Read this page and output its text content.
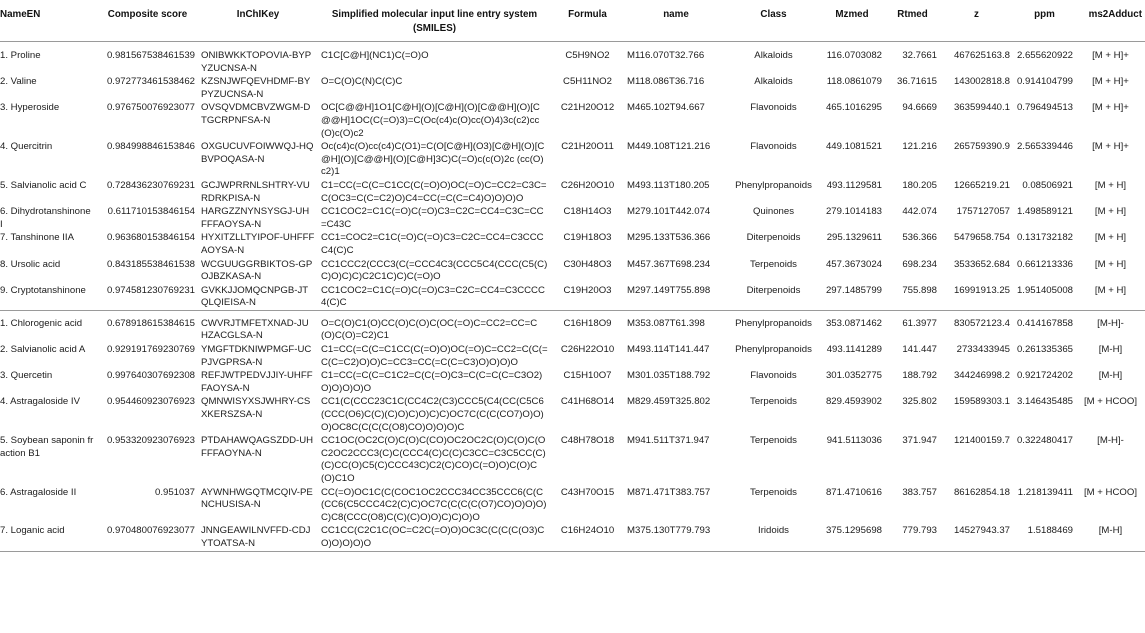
NameEN	Composite score	InChIKey	Simplified molecular input line entry system (SMILES)	Formula	name	Class	Mzmed	Rtmed	z	ppm	ms2Adduct
1. Proline	0.981567538461539	ONIBWKKTOPOVIA-BYPYZUCNSA-N	C1C[C@H](NC1)C(=O)O	C5H9NO2	M116.070T32.766	Alkaloids	116.0703082	32.7661	467625163.8	2.655620922	[M + H]+
2. Valine	0.972773461538462	KZSNJWFQEVHDMF-BYPYZUCNSA-N	O=C(O)C(N)C(C)C	C5H11NO2	M118.086T36.716	Alkaloids	118.0861079	36.71615	143002818.8	0.914104799	[M + H]+
3. Hyperoside	0.976750076923077	OVSQVDMCBVZWGM-DTGCRPNFSA-N	OC[C@@H]1O1[C@H](O)[C@H](O)[C@@H](O)[C@@H]1OC(C(=O)3)=C(Oc(c4)c(O)cc(O)4)3c(c2)cc(O)c(O)c2	C21H20O12	M465.102T94.667	Flavonoids	465.1016295	94.6669	363599440.1	0.796494513	[M + H]+
4. Quercitrin	0.984998846153846	OXGUCUVFOIWWQJ-HQBVPOQASA-N	Oc(c4)c(O)cc(c4)C(O1)=C(O[C@H](O3)[C@H](O)[C@H](O)[C@@H](O)[C@H]3C)C(=O)c(c(O)2c (cc(O)c2)1	C21H20O11	M449.108T121.216	Flavonoids	449.1081521	121.216	265759390.9	2.565339446	[M + H]+
5. Salvianolic acid C	0.728436230769231	GCJWPRRNLSHTRY-VURDRKPISA-N	C1=CC(=C(C=C1CC(C(=O)O)OC(=O)C=CC2=C3C=C(OC3=C(C=C2)O)C4=CC(=C(C=C4)O)O)O)O	C26H20O10	M493.113T180.205	Phenylpropanoids	493.1129581	180.205	12665219.21	0.08506921	[M + H]
6. Dihydrotanshinone I	0.611710153846154	HARGZZNYNSYSGJ-UHFFFAOYSA-N	CC1COC2=C1C(=O)C(=O)C3=C2C=CC4=C3C=CC=C43C	C18H14O3	M279.101T442.074	Quinones	279.1014183	442.074	1757127057	1.498589121	[M + H]
7. Tanshinone IIA	0.963680153846154	HYXITZLLTYIPOF-UHFFFAOYSA-N	CC1=COC2=C1C(=O)C(=O)C3=C2C=CC4=C3CCCC4(C)C	C19H18O3	M295.133T536.366	Diterpenoids	295.1329611	536.366	5479658.754	0.131732182	[M + H]
8. Ursolic acid	0.843185538461538	WCGUUGGRBIKTOS-GPOJBZKASA-N	CC1CCC2(CCC3(C(=CCC4C3(CCC5C4(CCC(C5(C)C)O)C)C)C2C1C)C)C(=O)O	C30H48O3	M457.367T698.234	Terpenoids	457.3673024	698.234	3533652.684	0.661213336	[M + H]
9. Cryptotanshinone	0.974581230769231	GVKKJJOMQCNPGB-JTQLQIEISA-N	CC1COC2=C1C(=O)C(=O)C3=C2C=CC4=C3CCCC4(C)C	C19H20O3	M297.149T755.898	Diterpenoids	297.1485799	755.898	16991913.25	1.951405008	[M + H]
1. Chlorogenic acid	0.678918615384615	CWVRJTMFETXNAD-JUHZACGLSA-N	O=C(O)C1(O)CC(O)C(O)C(OC(=O)C=CC2=CC=C(O)C(O)=C2)C1	C16H18O9	M353.087T61.398	Phenylpropanoids	353.0871462	61.3977	830572123.4	0.414167858	[M-H]-
2. Salvianolic acid A	0.929191769230769	YMGFTDKNIWPMGF-UCPJVGPRSA-N	C1=CC(=C(C=C1CC(C(=O)O)OC(=O)C=CC2=C(C(=C(C=C2)O)O)C=CC3=CC(=C(C=C3)O)O)O)O	C26H22O10	M493.114T141.447	Phenylpropanoids	493.1141289	141.447	2733433945	0.261335365	[M-H]
3. Quercetin	0.997640307692308	REFJWTPEDVJJIY-UHFFFAOYSA-N	C1=CC(=C(C=C1C2=C(C(=O)C3=C(C=C(C=C3O2)O)O)O)O)O	C15H10O7	M301.035T188.792	Flavonoids	301.0352775	188.792	344246998.2	0.921724202	[M-H]
4. Astragaloside IV	0.954460923076923	QMNWISYXSJWHRY-CSXKERSZSA-N	CC1(C(CCC23C1C(CC4C2(C3)CCC5(C4(CC(C5C6(CCC(O6)C(C)(C)O)C)O)C)C)OC7C(C(C(CO7)O)O)O)OC8C(C(C(C(O8)CO)O)O)O)C	C41H68O14	M829.459T325.802	Terpenoids	829.4593902	325.802	159589303.1	3.146435485	[M + HCOO]
5. Soybean saponin fraction B1	0.953320923076923	PTDAHAWQAGSZDD-UHFFFAOYNA-N	CC1OC(OC2C(O)C(O)C(CO)OC2OC2C(O)C(O)C(OC2OC2CCC3(C)C(CCC4(C)C(C)C3CC=C3C5CC(C)(C)CC(O)C5(C)CCC43C)C2(C)CO)C(=O)O)C(O)C(O)C1O	C48H78O18	M941.511T371.947	Terpenoids	941.5113036	371.947	121400159.7	0.322480417	[M-H]-
6. Astragaloside II	0.951037	AYWNHWGQTMCQIV-PENCHUSISA-N	CC(=O)OC1C(C(COC1OC2CCC34CC35CCC6(C(C(CC6(C5CCC4C2(C)C)OC7C(C(C(C(O7)CO)O)O)O)C)C8(CCC(O8)C(C)(C)O)O)C)C)O)O	C43H70O15	M871.471T383.757	Terpenoids	871.4710616	383.757	86162854.18	1.218139411	[M + HCOO]
7. Loganic acid	0.970480076923077	JNNGEAWILNVFFD-CDJYTOATSA-N	CC1CC(C2C1C(OC=C2C(=O)O)OC3C(C(C(C(O3)CO)O)O)O)O	C16H24O10	M375.130T779.793	Iridoids	375.1295698	779.793	14527943.37	1.5188469	[M-H]
